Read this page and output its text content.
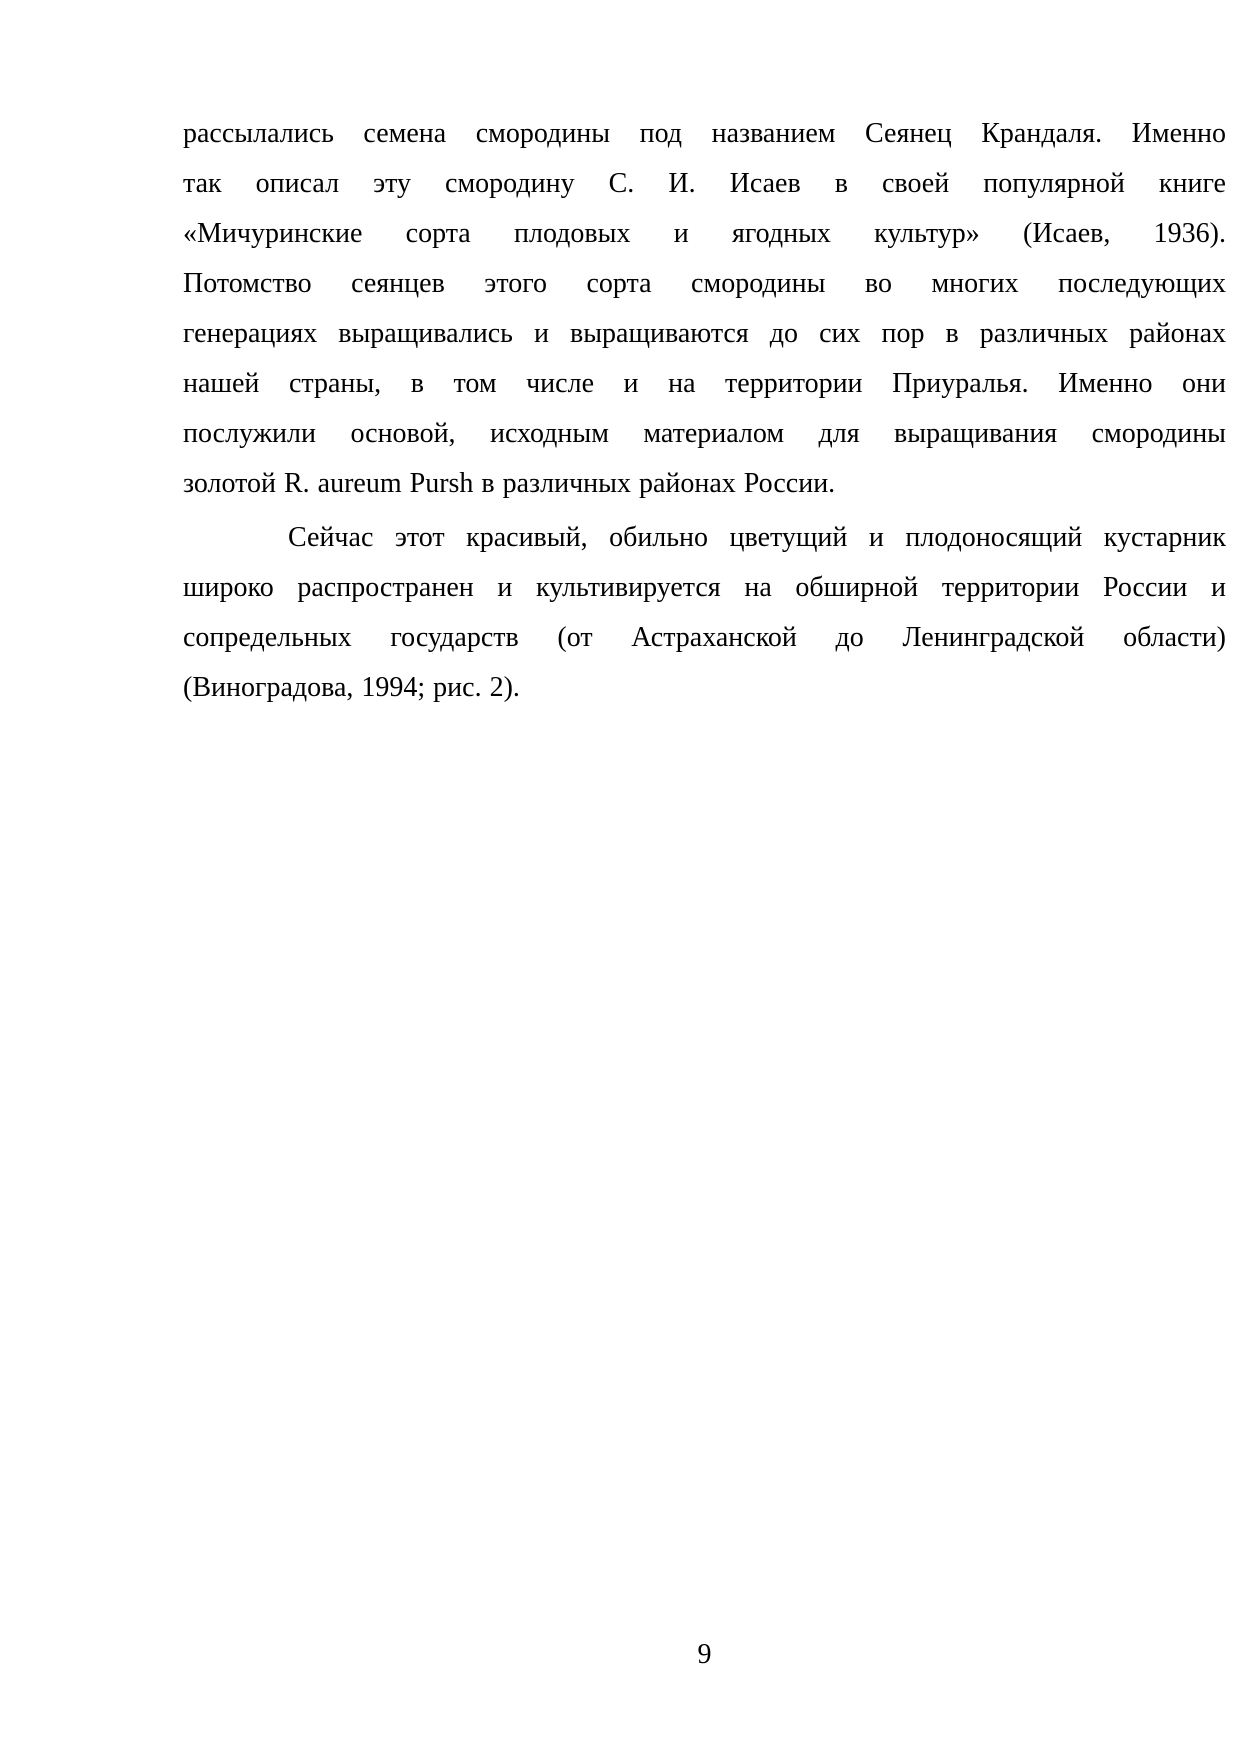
рассылались семена смородины под названием Сеянец Крандаля. Именно
так описал эту смородину С. И. Исаев в своей популярной книге
«Мичуринские сорта плодовых и ягодных культур» (Исаев, 1936).
Потомство сеянцев этого сорта смородины во многих последующих
генерациях выращивались и выращиваются до сих пор в различных районах
нашей страны, в том числе и на территории Приуралья. Именно они
послужили основой, исходным материалом для выращивания смородины
золотой R. aureum Pursh в различных районах России.
Сейчас этот красивый, обильно цветущий и плодоносящий кустарник
широко распространен и культивируется на обширной территории России и
сопредельных государств (от Астраханской до Ленинградской области)
(Виноградова, 1994; рис. 2).
9
